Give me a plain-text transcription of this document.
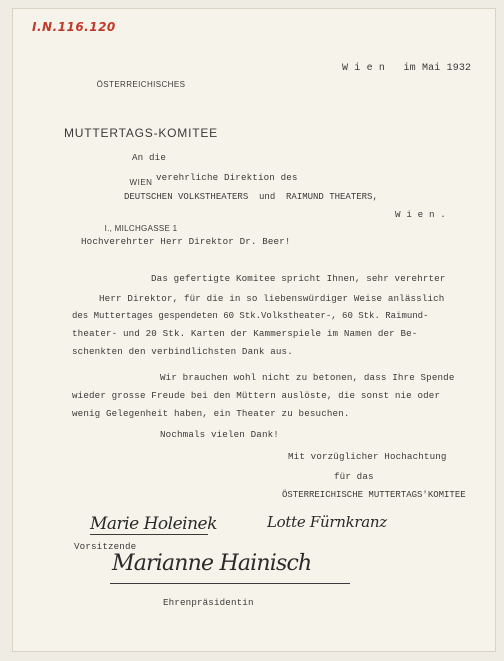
I.N.116.120

ÖSTERREICHISCHES

MUTTERTAGS-KOMITEE

WIEN

I., MILCHGASSE 1

W i e n   im Mai 1932
An die
verehrliche Direktion des
DEUTSCHEN VOLKSTHEATERS  und  RAIMUND THEATERS,
W i e n .
Hochverehrter Herr Direktor Dr. Beer!
Das gefertigte Komitee spricht Ihnen, sehr verehrter
Herr Direktor, für die in so liebenswürdiger Weise anlässlich
des Muttertages gespendeten 60 Stk.Volkstheater-, 60 Stk. Raimund-
theater- und 20 Stk. Karten der Kammerspiele im Namen der Be-
schenkten den verbindlichsten Dank aus.
Wir brauchen wohl nicht zu betonen, dass Ihre Spende
wieder grosse Freude bei den Müttern auslöste, die sonst nie oder
wenig Gelegenheit haben, ein Theater zu besuchen.
Nochmals vielen Dank!
Mit vorzüglicher Hochachtung
für das
ÖSTERREICHISCHE MUTTERTAGS'KOMITEE
Marie Holeinek	Lotte Fürnkranz
Vorsitzende
Marianne Hainisch
Ehrenpräsidentin
